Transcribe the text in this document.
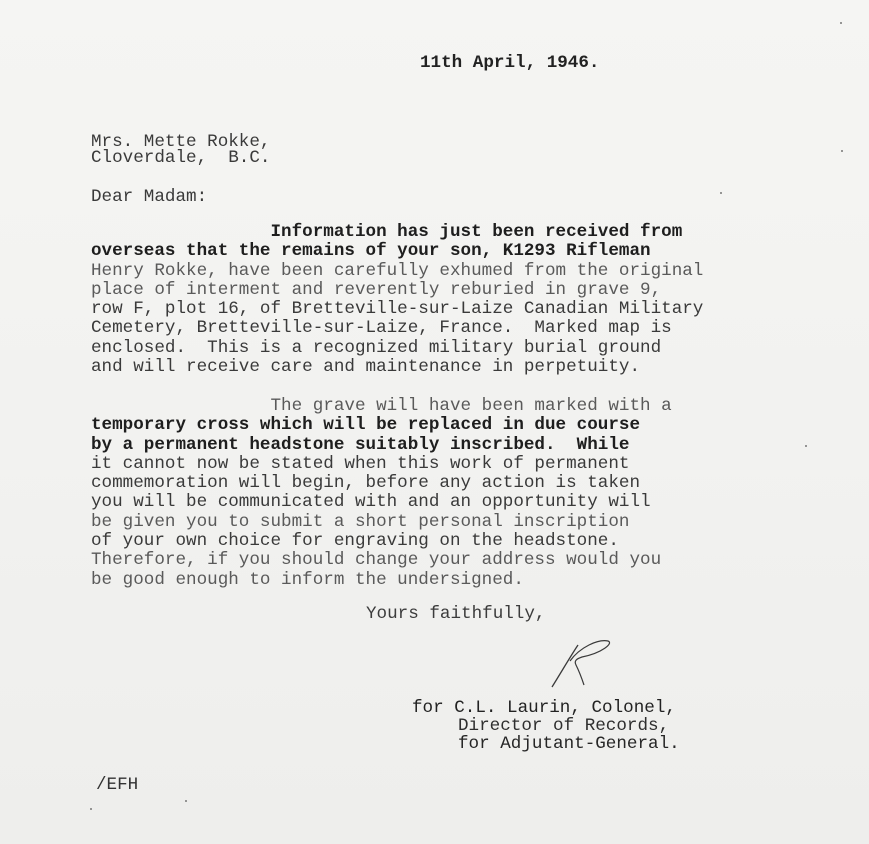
11th April, 1946.
Mrs. Mette Rokke,
Cloverdale,  B.C.
Dear Madam:
Information has just been received from
overseas that the remains of your son, K1293 Rifleman
Henry Rokke, have been carefully exhumed from the original
place of interment and reverently reburied in grave 9,
row F, plot 16, of Bretteville-sur-Laize Canadian Military
Cemetery, Bretteville-sur-Laize, France.  Marked map is
enclosed.  This is a recognized military burial ground
and will receive care and maintenance in perpetuity.
The grave will have been marked with a
temporary cross which will be replaced in due course
by a permanent headstone suitably inscribed.  While
it cannot now be stated when this work of permanent
commemoration will begin, before any action is taken
you will be communicated with and an opportunity will
be given you to submit a short personal inscription
of your own choice for engraving on the headstone.
Therefore, if you should change your address would you
be good enough to inform the undersigned.
Yours faithfully,
for C.L. Laurin, Colonel,
Director of Records,
for Adjutant-General.
/EFH
